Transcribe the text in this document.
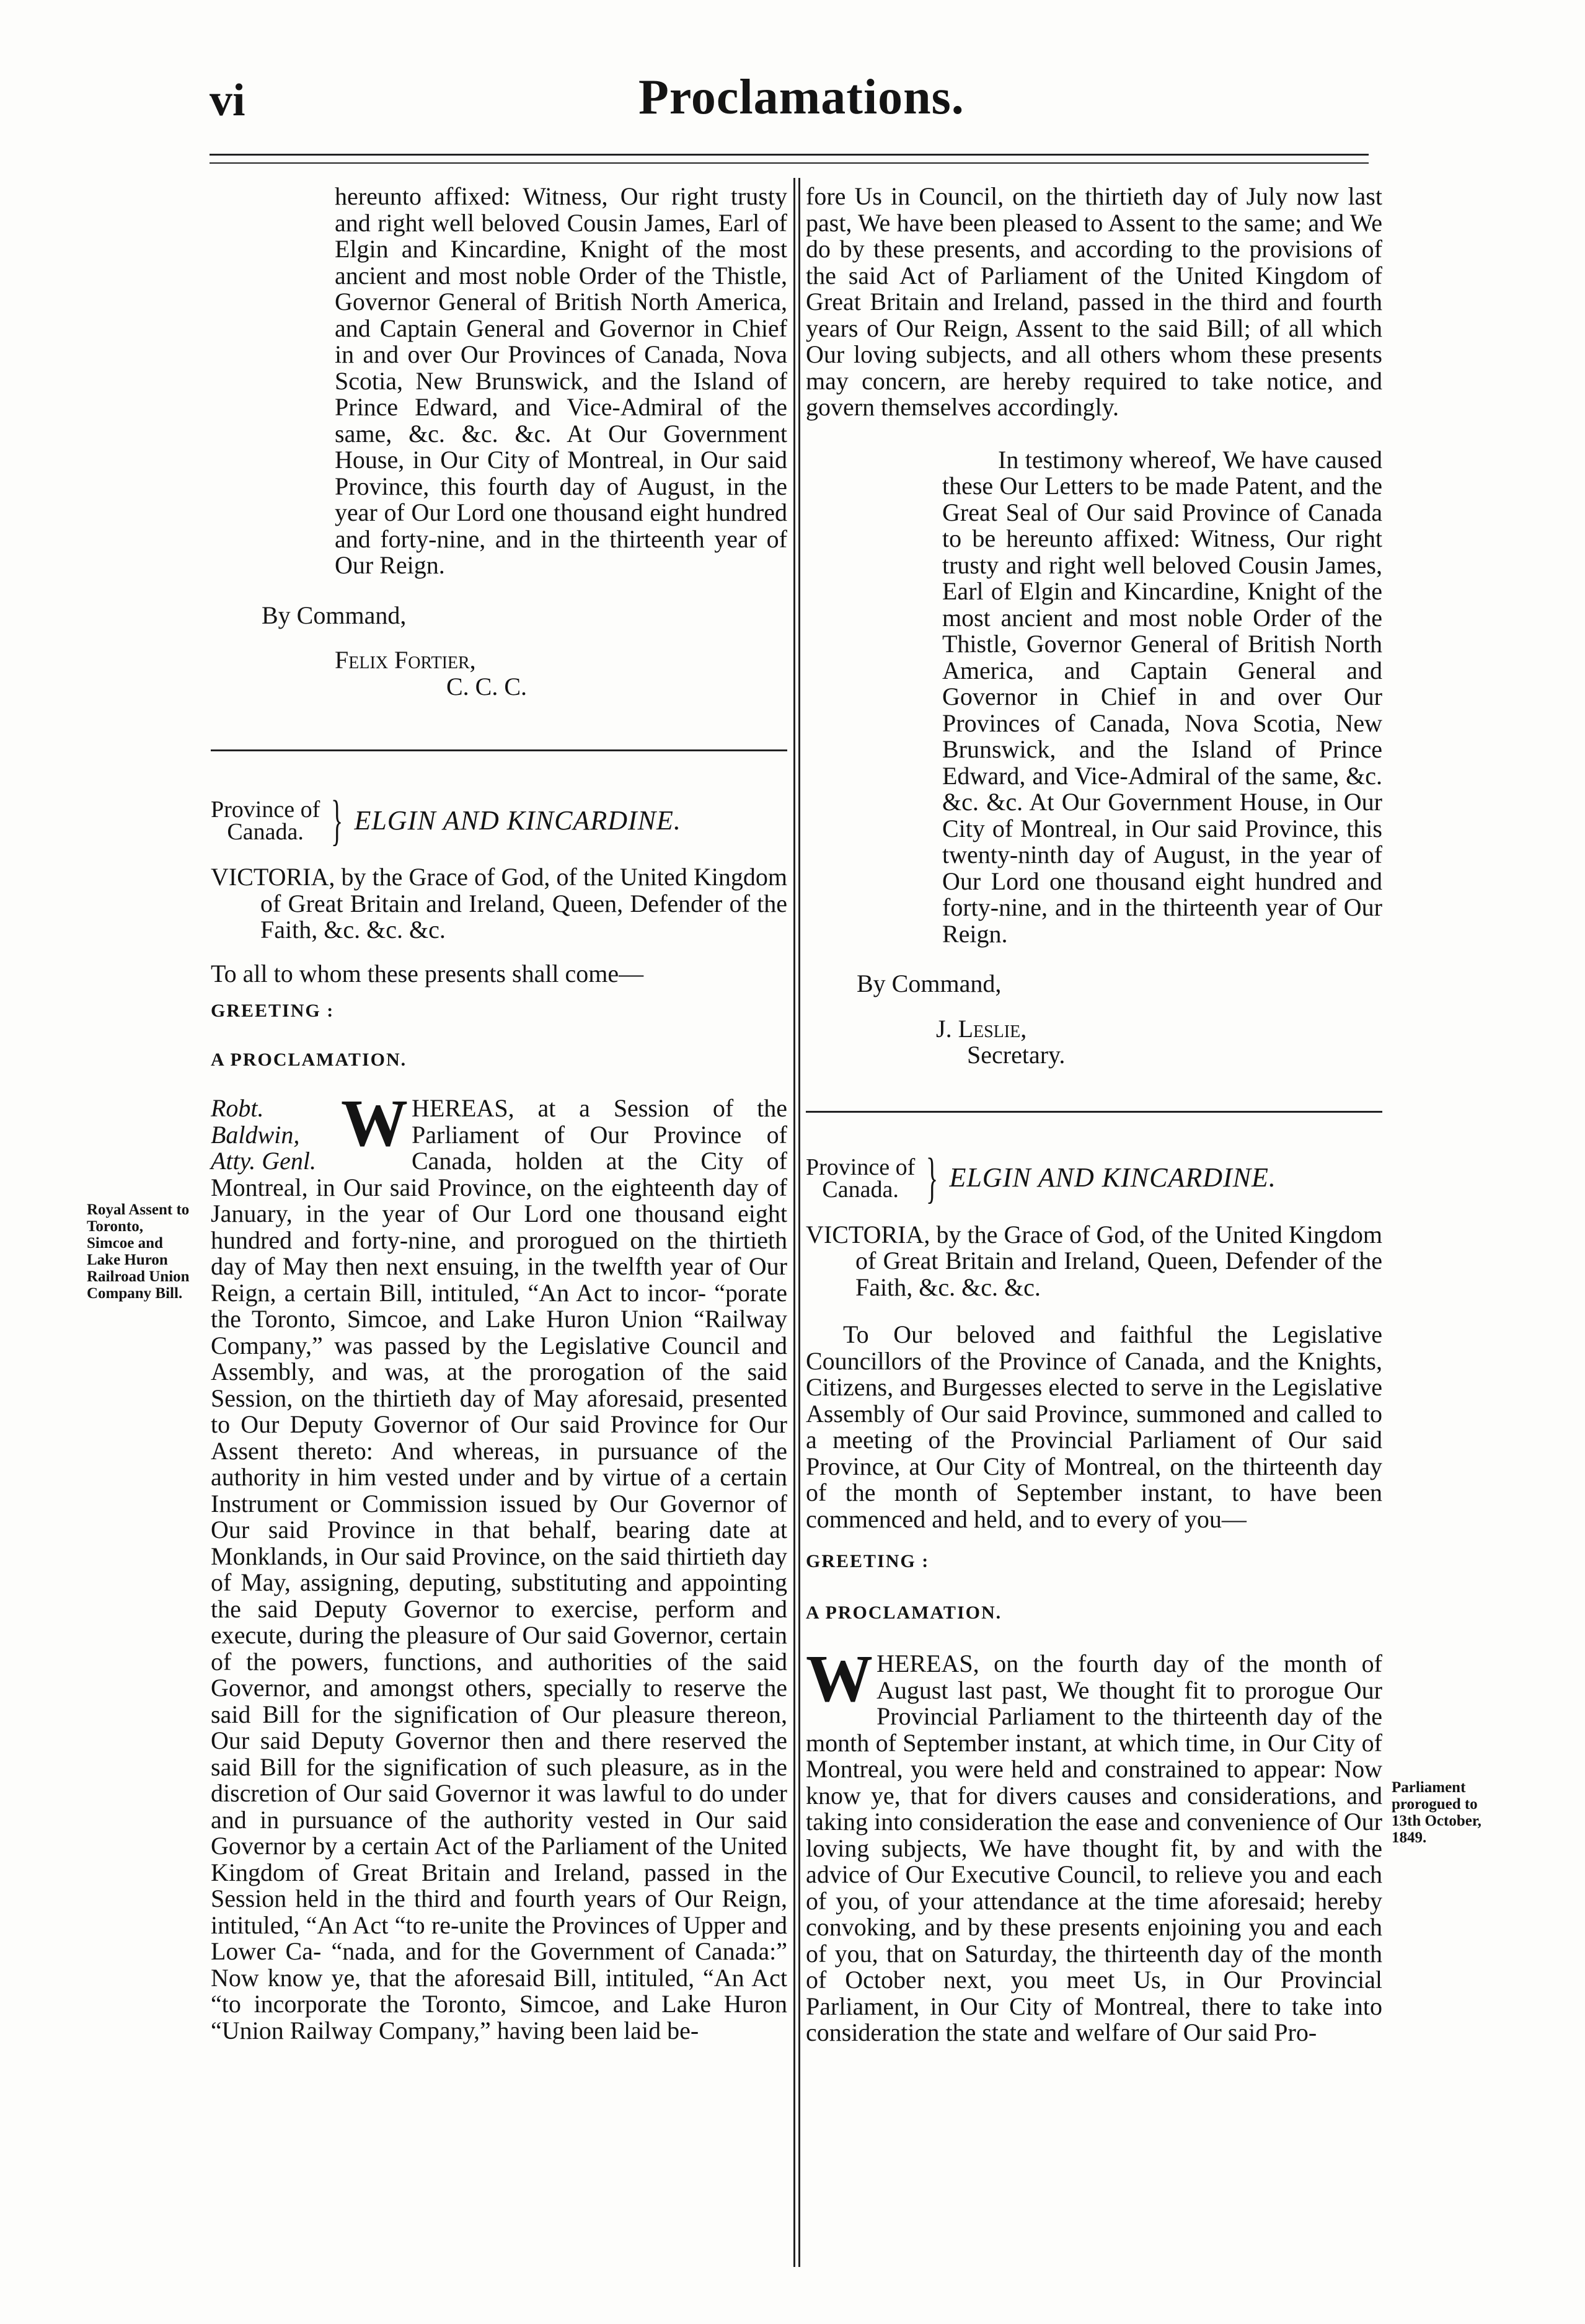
vi	Proclamations.

hereunto affixed: Witness, Our right trusty and right well beloved Cousin James, Earl of Elgin and Kincardine, Knight of the most ancient and most noble Order of the Thistle, Governor General of British North America, and Captain General and Governor in Chief in and over Our Provinces of Canada, Nova Scotia, New Brunswick, and the Island of Prince Edward, and Vice-Admiral of the same, &c. &c. &c. At Our Government House, in Our City of Montreal, in Our said Province, this fourth day of August, in the year of Our Lord one thousand eight hundred and forty-nine, and in the thirteenth year of Our Reign.

By Command,

Felix Fortier,

C. C. C.

Province of
Canada. } ELGIN AND KINCARDINE.

VICTORIA, by the Grace of God, of the United Kingdom of Great Britain and Ireland, Queen, Defender of the Faith, &c. &c. &c.

To all to whom these presents shall come—

GREETING :

A PROCLAMATION.

Robt. Baldwin, Atty. Genl.

W HEREAS, at a Session of the Parliament of Our Province of Canada, holden at the City of Montreal, in Our said Province, on the eighteenth day of January, in the year of Our Lord one thousand eight hundred and forty-nine, and prorogued on the thirtieth day of May then next ensuing, in the twelfth year of Our Reign, a certain Bill, intituled, “An Act to incor- “porate the Toronto, Simcoe, and Lake Huron Union “Railway Company,” was passed by the Legislative Council and Assembly, and was, at the prorogation of the said Session, on the thirtieth day of May aforesaid, presented to Our Deputy Governor of Our said Province for Our Assent thereto: And whereas, in pursuance of the authority in him vested under and by virtue of a certain Instrument or Commission issued by Our Governor of Our said Province in that behalf, bearing date at Monklands, in Our said Province, on the said thirtieth day of May, assigning, deputing, substituting and appointing the said Deputy Governor to exercise, perform and execute, during the pleasure of Our said Governor, certain of the powers, functions, and authorities of the said Governor, and amongst others, specially to reserve the said Bill for the signification of Our pleasure thereon, Our said Deputy Governor then and there reserved the said Bill for the signification of such pleasure, as in the discretion of Our said Governor it was lawful to do under and in pursuance of the authority vested in Our said Governor by a certain Act of the Parliament of the United Kingdom of Great Britain and Ireland, passed in the Session held in the third and fourth years of Our Reign, intituled, “An Act “to re-unite the Provinces of Upper and Lower Ca- “nada, and for the Government of Canada:” Now know ye, that the aforesaid Bill, intituled, “An Act “to incorporate the Toronto, Simcoe, and Lake Huron “Union Railway Company,” having been laid be-

fore Us in Council, on the thirtieth day of July now last past, We have been pleased to Assent to the same; and We do by these presents, and according to the provisions of the said Act of Parliament of the United Kingdom of Great Britain and Ireland, passed in the third and fourth years of Our Reign, Assent to the said Bill; of all which Our loving subjects, and all others whom these presents may concern, are hereby required to take notice, and govern themselves accordingly.

In testimony whereof, We have caused these Our Letters to be made Patent, and the Great Seal of Our said Province of Canada to be hereunto affixed: Witness, Our right trusty and right well beloved Cousin James, Earl of Elgin and Kincardine, Knight of the most ancient and most noble Order of the Thistle, Governor General of British North America, and Captain General and Governor in Chief in and over Our Provinces of Canada, Nova Scotia, New Brunswick, and the Island of Prince Edward, and Vice-Admiral of the same, &c. &c. &c. At Our Government House, in Our City of Montreal, in Our said Province, this twenty-ninth day of August, in the year of Our Lord one thousand eight hundred and forty-nine, and in the thirteenth year of Our Reign.

By Command,

J. Leslie,

Secretary.

Province of
Canada. } ELGIN AND KINCARDINE.

VICTORIA, by the Grace of God, of the United Kingdom of Great Britain and Ireland, Queen, Defender of the Faith, &c. &c. &c.

To Our beloved and faithful the Legislative Councillors of the Province of Canada, and the Knights, Citizens, and Burgesses elected to serve in the Legislative Assembly of Our said Province, summoned and called to a meeting of the Provincial Parliament of Our said Province, at Our City of Montreal, on the thirteenth day of the month of September instant, to have been commenced and held, and to every of you—

GREETING :

A PROCLAMATION.

W HEREAS, on the fourth day of the month of August last past, We thought fit to prorogue Our Provincial Parliament to the thirteenth day of the month of September instant, at which time, in Our City of Montreal, you were held and constrained to appear: Now know ye, that for divers causes and considerations, and taking into consideration the ease and convenience of Our loving subjects, We have thought fit, by and with the advice of Our Executive Council, to relieve you and each of you, of your attendance at the time aforesaid; hereby convoking, and by these presents enjoining you and each of you, that on Saturday, the thirteenth day of the month of October next, you meet Us, in Our Provincial Parliament, in Our City of Montreal, there to take into consideration the state and welfare of Our said Pro-

Royal Assent to Toronto, Simcoe and Lake Huron Railroad Union Company Bill.
Parliament prorogued to 13th October, 1849.
